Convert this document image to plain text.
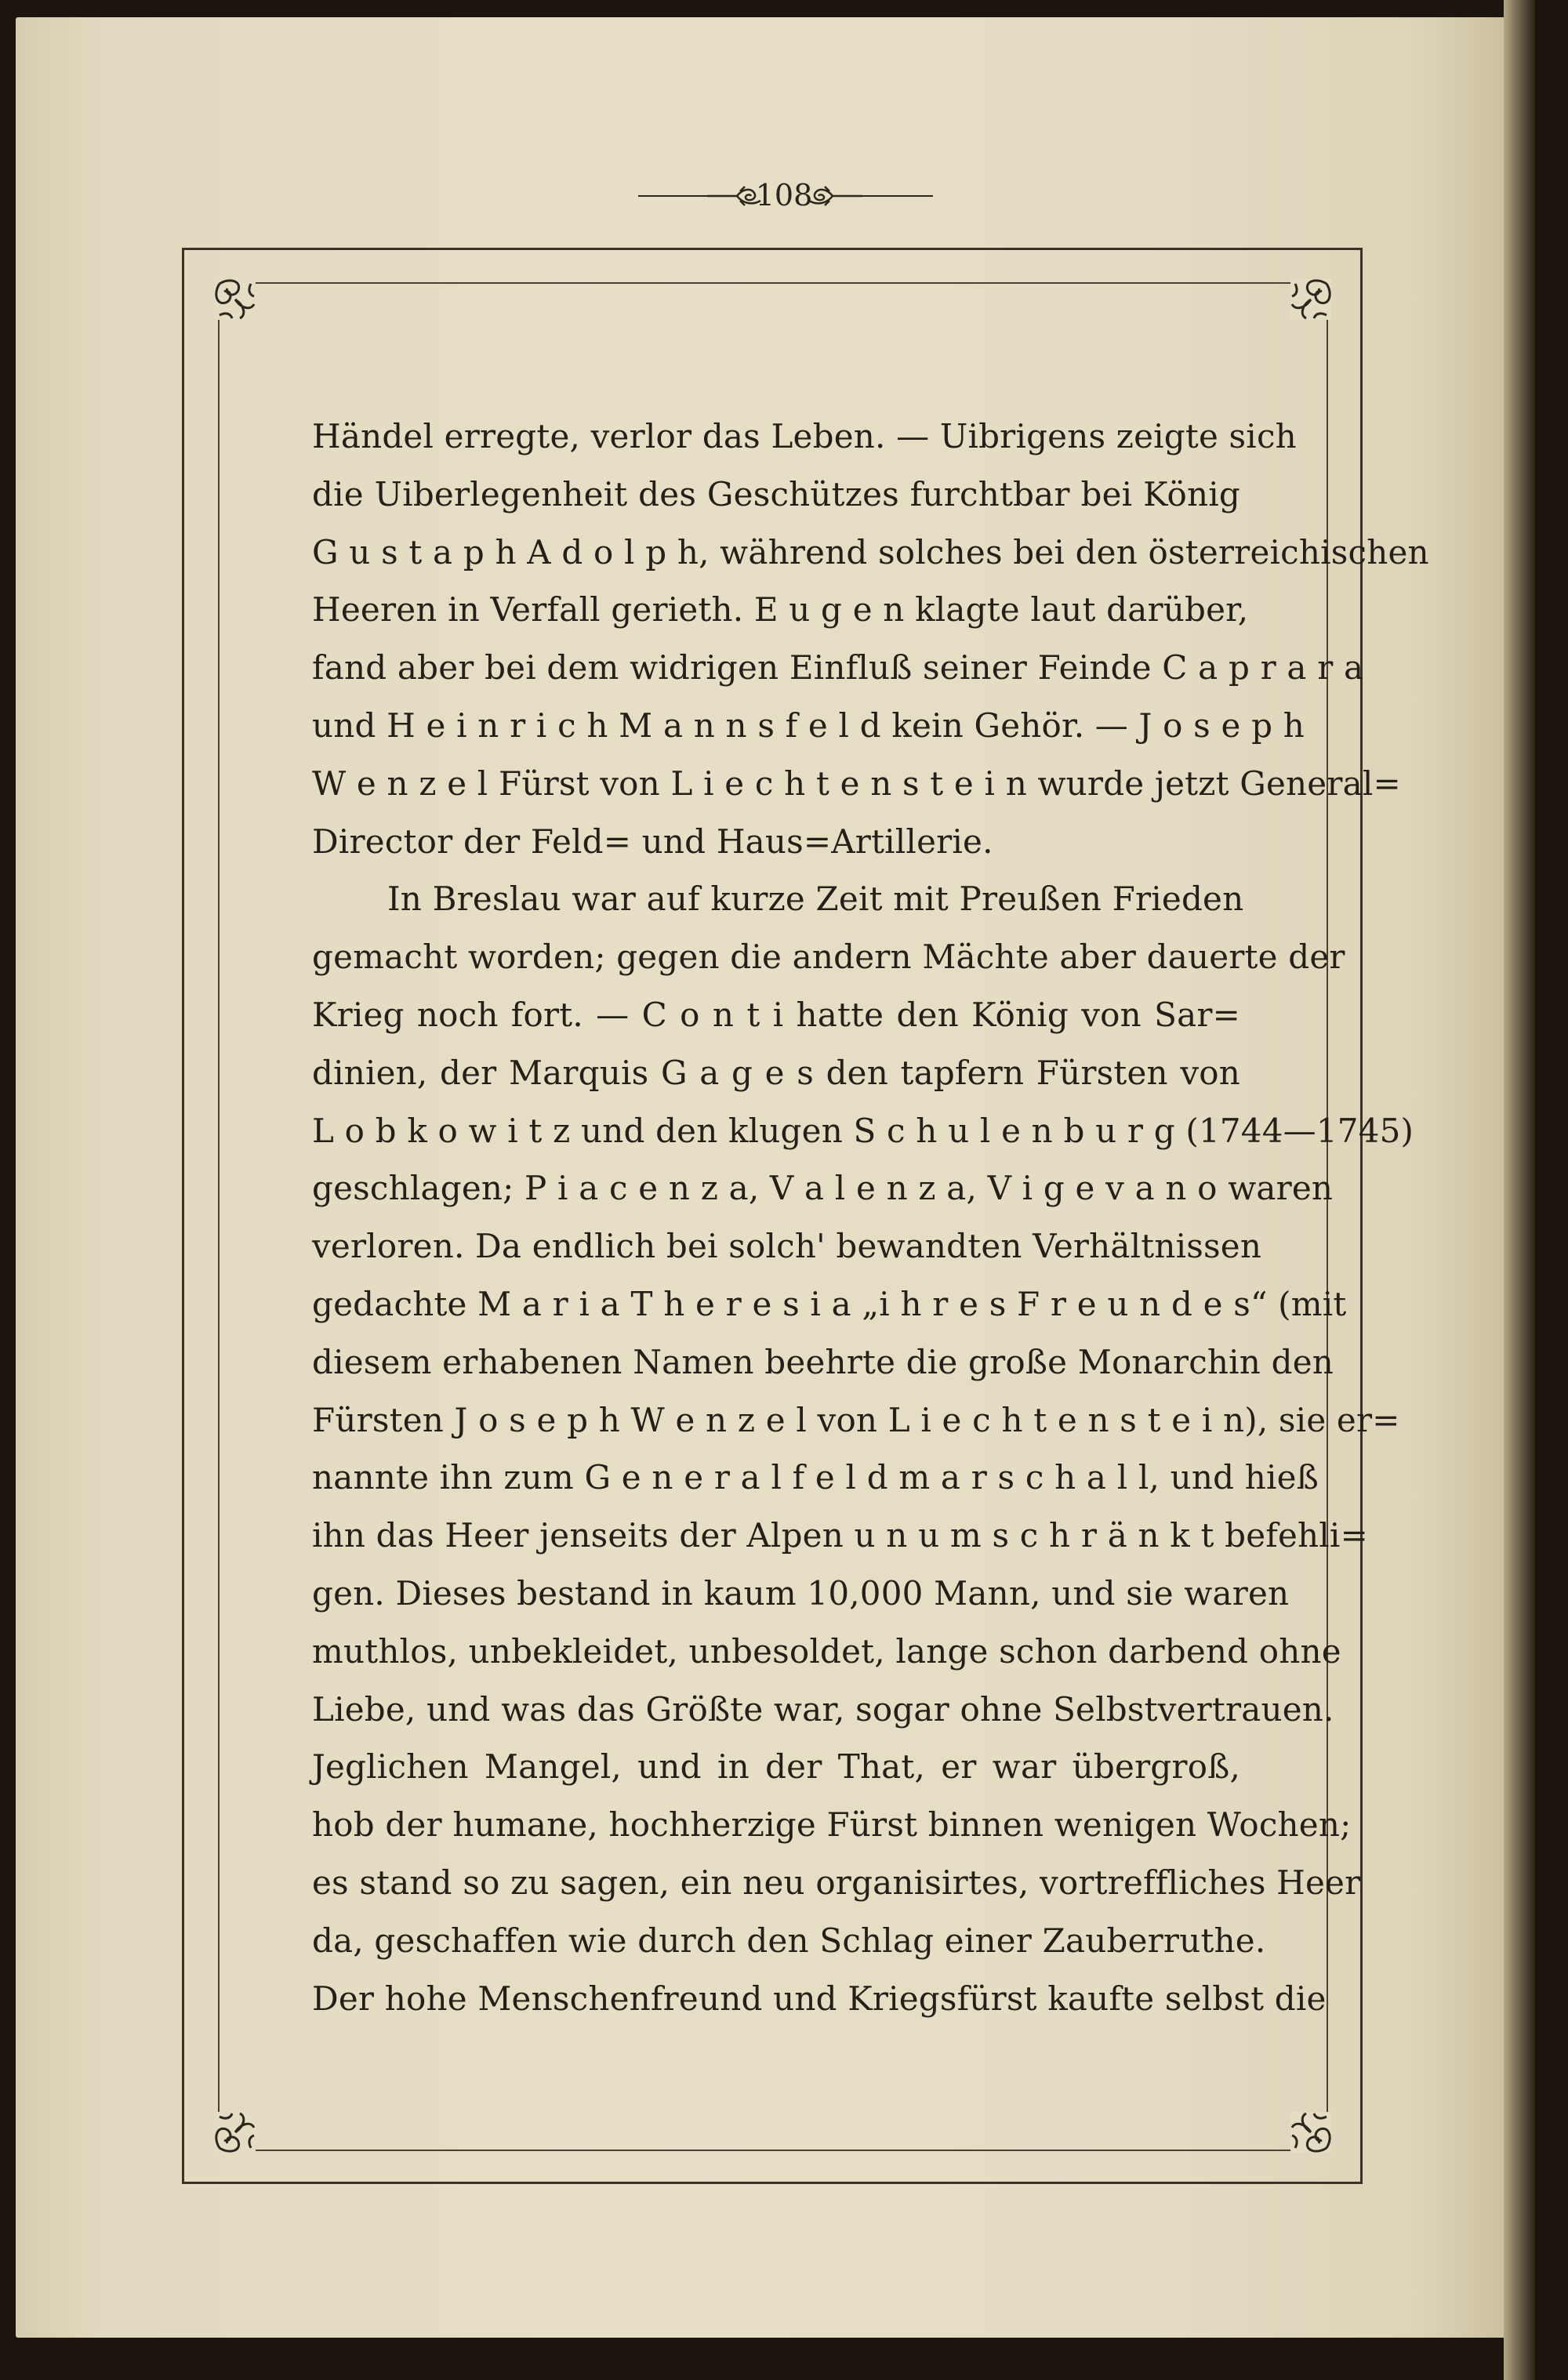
108
Händel erregte, verlor das Leben. — Uibrigens zeigte sich
die Uiberlegenheit des Geschützes furchtbar bei König
G u s t a p h A d o l p h, während solches bei den österreichischen
Heeren in Verfall gerieth. E u g e n klagte laut darüber,
fand aber bei dem widrigen Einfluß seiner Feinde C a p r a r a
und H e i n r i c h M a n n s f e l d kein Gehör. — J o s e p h
W e n z e l Fürst von L i e c h t e n s t e i n wurde jetzt General=
Director der Feld= und Haus=Artillerie.
In Breslau war auf kurze Zeit mit Preußen Frieden
gemacht worden; gegen die andern Mächte aber dauerte der
Krieg noch fort. — C o n t i hatte den König von Sar=
dinien, der Marquis G a g e s den tapfern Fürsten von
L o b k o w i t z und den klugen S c h u l e n b u r g (1744—1745)
geschlagen; P i a c e n z a, V a l e n z a, V i g e v a n o waren
verloren. Da endlich bei solch' bewandten Verhältnissen
gedachte M a r i a T h e r e s i a „i h r e s F r e u n d e s“ (mit
diesem erhabenen Namen beehrte die große Monarchin den
Fürsten J o s e p h W e n z e l von L i e c h t e n s t e i n), sie er=
nannte ihn zum G e n e r a l f e l d m a r s c h a l l, und hieß
ihn das Heer jenseits der Alpen u n u m s c h r ä n k t befehli=
gen. Dieses bestand in kaum 10,000 Mann, und sie waren
muthlos, unbekleidet, unbesoldet, lange schon darbend ohne
Liebe, und was das Größte war, sogar ohne Selbstvertrauen.
Jeglichen Mangel, und in der That, er war übergroß,
hob der humane, hochherzige Fürst binnen wenigen Wochen;
es stand so zu sagen, ein neu organisirtes, vortreffliches Heer
da, geschaffen wie durch den Schlag einer Zauberruthe.
Der hohe Menschenfreund und Kriegsfürst kaufte selbst die
